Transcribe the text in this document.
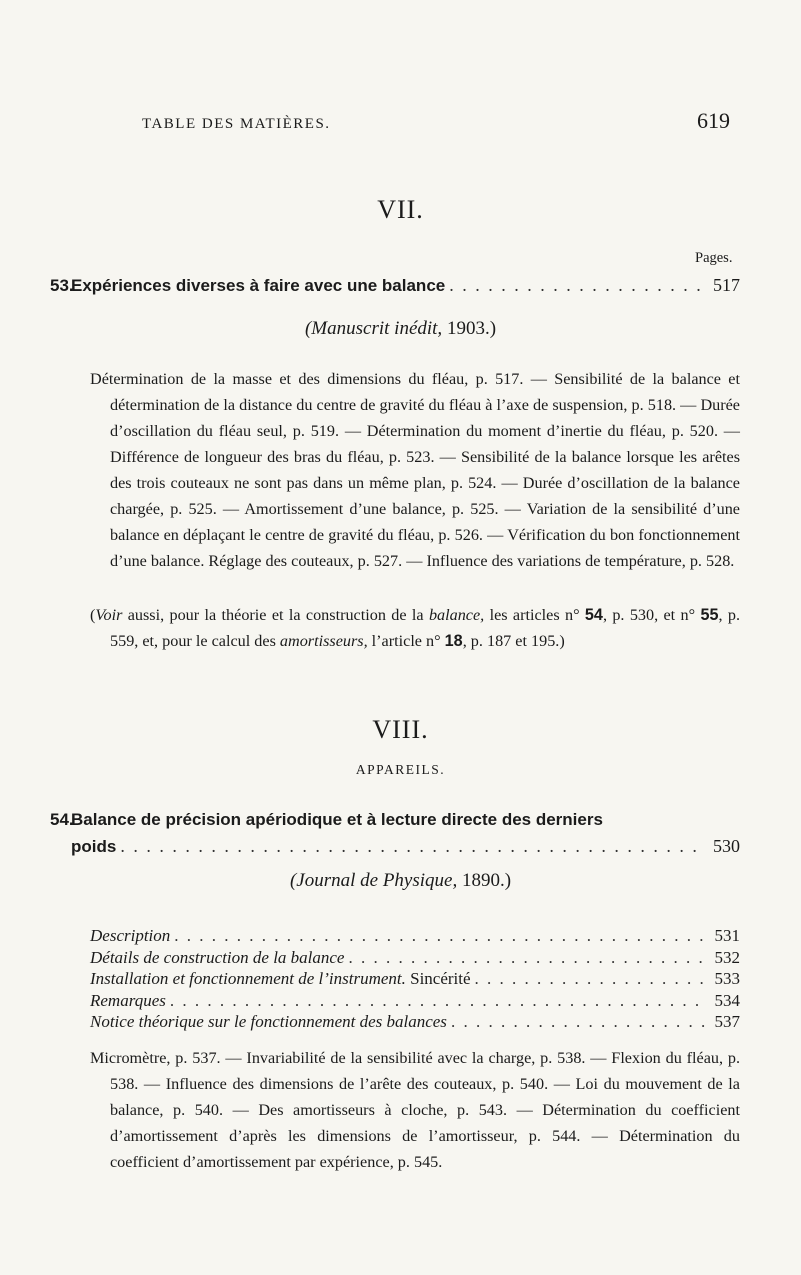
TABLE DES MATIÈRES.	619
VII.
Pages.
53.Expériences diverses à faire avec une balance . . .	517
(Manuscrit inédit, 1903.)
Détermination de la masse et des dimensions du fléau, p. 517. — Sensibilité de la balance et détermination de la distance du centre de gravité du fléau à l’axe de suspension, p. 518. — Durée d’oscillation du fléau seul, p. 519. — Détermination du moment d’inertie du fléau, p. 520. — Différence de longueur des bras du fléau, p. 523. — Sensibilité de la balance lorsque les arêtes des trois couteaux ne sont pas dans un même plan, p. 524. — Durée d’oscillation de la balance chargée, p. 525. — Amortissement d’une balance, p. 525. — Variation de la sensibilité d’une balance en déplaçant le centre de gravité du fléau, p. 526. — Vérification du bon fonctionnement d’une balance. Réglage des couteaux, p. 527. — Influence des variations de température, p. 528.
(Voir aussi, pour la théorie et la construction de la balance, les articles n° 54, p. 530, et n° 55, p. 559, et, pour le calcul des amortisseurs, l’article n° 18, p. 187 et 195.)
VIII.
APPAREILS.
54.Balance de précision apériodique et à lecture directe des derniers
poids . . .	530
(Journal de Physique, 1890.)
Description . . .	531
Détails de construction de la balance . . .	532
Installation et fonctionnement de l’instrument. Sincérité . . .	533
Remarques . . .	534
Notice théorique sur le fonctionnement des balances . . .	537
Micromètre, p. 537. — Invariabilité de la sensibilité avec la charge, p. 538. — Flexion du fléau, p. 538. — Influence des dimensions de l’arête des couteaux, p. 540. — Loi du mouvement de la balance, p. 540. — Des amortisseurs à cloche, p. 543. — Détermination du coefficient d’amortissement d’après les dimensions de l’amortisseur, p. 544. — Détermination du coefficient d’amortissement par expérience, p. 545.
